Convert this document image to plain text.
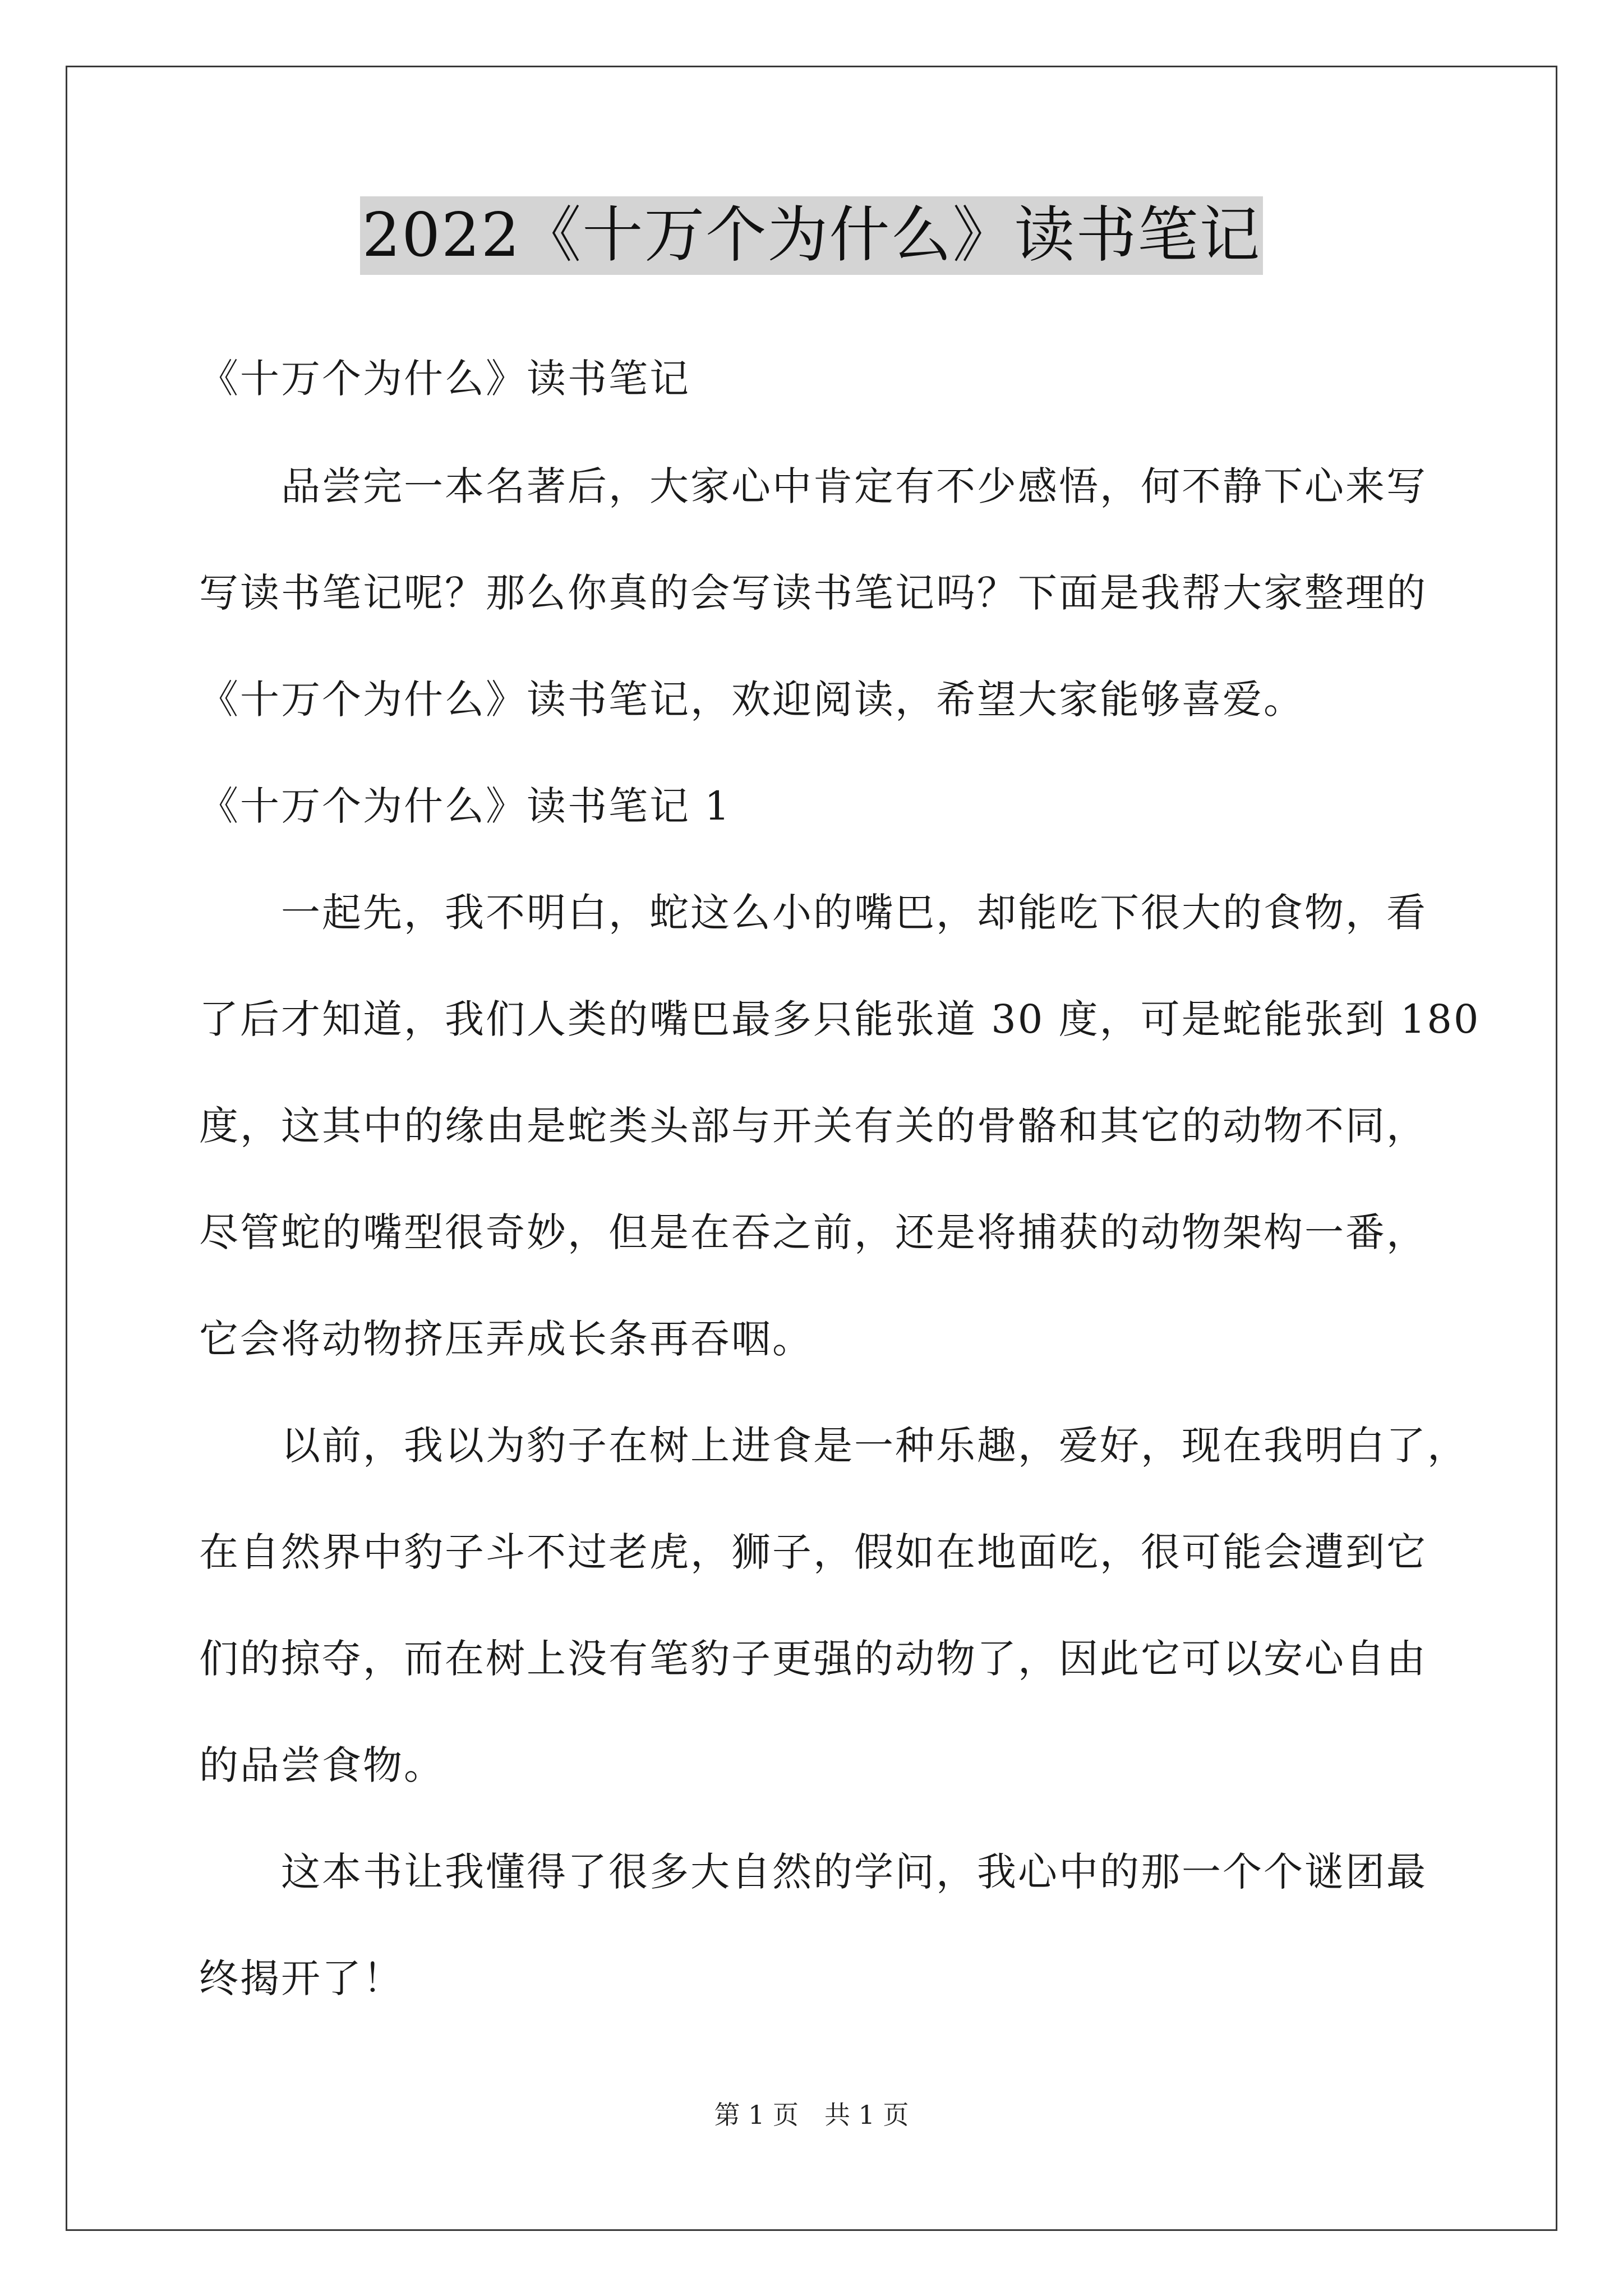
2022《十万个为什么》读书笔记
《十万个为什么》读书笔记
　　品尝完一本名著后，大家心中肯定有不少感悟，何不静下心来写
写读书笔记呢？那么你真的会写读书笔记吗？下面是我帮大家整理的
《十万个为什么》读书笔记，欢迎阅读，希望大家能够喜爱。
《十万个为什么》读书笔记 1
　　一起先，我不明白，蛇这么小的嘴巴，却能吃下很大的食物，看
了后才知道，我们人类的嘴巴最多只能张道 30 度，可是蛇能张到 180
度，这其中的缘由是蛇类头部与开关有关的骨骼和其它的动物不同，
尽管蛇的嘴型很奇妙，但是在吞之前，还是将捕获的动物架构一番，
它会将动物挤压弄成长条再吞咽。
　　以前，我以为豹子在树上进食是一种乐趣，爱好，现在我明白了，
在自然界中豹子斗不过老虎，狮子，假如在地面吃，很可能会遭到它
们的掠夺，而在树上没有笔豹子更强的动物了，因此它可以安心自由
的品尝食物。
　　这本书让我懂得了很多大自然的学问，我心中的那一个个谜团最
终揭开了！
第 1 页　共 1 页
